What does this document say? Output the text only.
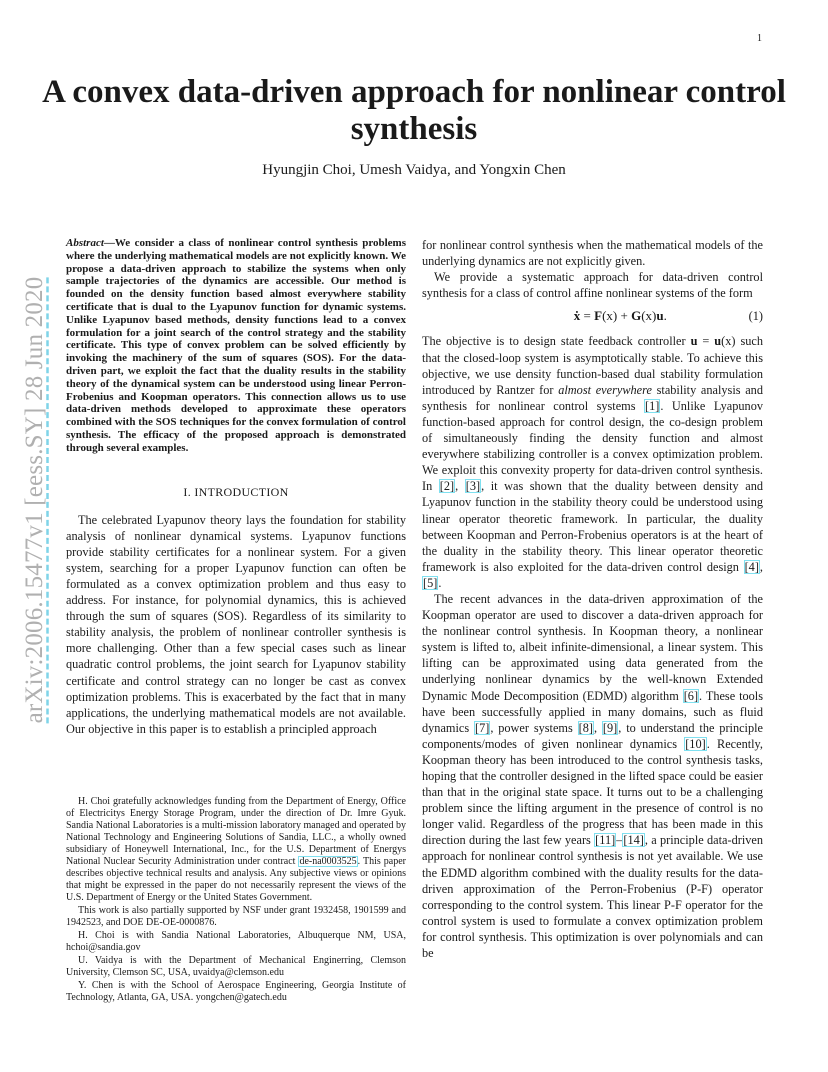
1
A convex data-driven approach for nonlinear control synthesis
Hyungjin Choi, Umesh Vaidya, and Yongxin Chen
arXiv:2006.15477v1 [eess.SY] 28 Jun 2020

Abstract—We consider a class of nonlinear control synthesis problems where the underlying mathematical models are not explicitly known. We propose a data-driven approach to stabilize the systems when only sample trajectories of the dynamics are accessible. Our method is founded on the density function based almost everywhere stability certificate that is dual to the Lyapunov function for dynamic systems. Unlike Lyapunov based methods, density functions lead to a convex formulation for a joint search of the control strategy and the stability certificate. This type of convex problem can be solved efficiently by invoking the machinery of the sum of squares (SOS). For the data-driven part, we exploit the fact that the duality results in the stability theory of the dynamical system can be understood using linear Perron-Frobenius and Koopman operators. This connection allows us to use data-driven methods developed to approximate these operators combined with the SOS techniques for the convex formulation of control synthesis. The efficacy of the proposed approach is demonstrated through several examples.

I. INTRODUCTION

The celebrated Lyapunov theory lays the foundation for stability analysis of nonlinear dynamical systems. Lyapunov functions provide stability certificates for a nonlinear system. For a given system, searching for a proper Lyapunov function can often be formulated as a convex optimization problem and thus easy to address. For instance, for polynomial dynamics, this is achieved through the sum of squares (SOS). Regardless of its similarity to stability analysis, the problem of nonlinear controller synthesis is more challenging. Other than a few special cases such as linear quadratic control problems, the joint search for Lyapunov stability certificate and control strategy can no longer be cast as convex optimization problems. This is exacerbated by the fact that in many applications, the underlying mathematical models are not available. Our objective in this paper is to establish a principled approach

H. Choi gratefully acknowledges funding from the Department of Energy, Office of Electricitys Energy Storage Program, under the direction of Dr. Imre Gyuk. Sandia National Laboratories is a multi-mission laboratory managed and operated by National Technology and Engineering Solutions of Sandia, LLC., a wholly owned subsidiary of Honeywell International, Inc., for the U.S. Department of Energys National Nuclear Security Administration under contract de-na0003525. This paper describes objective technical results and analysis. Any subjective views or opinions that might be expressed in the paper do not necessarily represent the views of the U.S. Department of Energy or the United States Government.

This work is also partially supported by NSF under grant 1932458, 1901599 and 1942523, and DOE DE-OE-0000876.

H. Choi is with Sandia National Laboratories, Albuquerque NM, USA, hchoi@sandia.gov

U. Vaidya is with the Department of Mechanical Enginerring, Clemson University, Clemson SC, USA, uvaidya@clemson.edu

Y. Chen is with the School of Aerospace Engineering, Georgia Institute of Technology, Atlanta, GA, USA. yongchen@gatech.edu

for nonlinear control synthesis when the mathematical models of the underlying dynamics are not explicitly given.

We provide a systematic approach for data-driven control synthesis for a class of control affine nonlinear systems of the form

ẋ = F(x) + G(x)u.	(1)

The objective is to design state feedback controller u = u(x) such that the closed-loop system is asymptotically stable. To achieve this objective, we use density function-based dual stability formulation introduced by Rantzer for almost everywhere stability analysis and synthesis for nonlinear control systems [1]. Unlike Lyapunov function-based approach for control design, the co-design problem of simultaneously finding the density function and almost everywhere stabilizing controller is a convex optimization problem. We exploit this convexity property for data-driven control synthesis. In [2], [3], it was shown that the duality between density and Lyapunov function in the stability theory could be understood using linear operator theoretic framework. In particular, the duality between Koopman and Perron-Frobenius operators is at the heart of the duality in the stability theory. This linear operator theoretic framework is also exploited for the data-driven control design [4], [5].

The recent advances in the data-driven approximation of the Koopman operator are used to discover a data-driven approach for the nonlinear control synthesis. In Koopman theory, a nonlinear system is lifted to, albeit infinite-dimensional, a linear system. This lifting can be approximated using data generated from the underlying nonlinear dynamics by the well-known Extended Dynamic Mode Decomposition (EDMD) algorithm [6]. These tools have been successfully applied in many domains, such as fluid dynamics [7], power systems [8], [9], to understand the principle components/modes of given nonlinear dynamics [10]. Recently, Koopman theory has been introduced to the control synthesis tasks, hoping that the controller designed in the lifted space could be easier than that in the original state space. It turns out to be a challenging problem since the lifting argument in the presence of control is no longer valid. Regardless of the progress that has been made in this direction during the last few years [11]–[14], a principle data-driven approach for nonlinear control synthesis is not yet available. We use the EDMD algorithm combined with the duality results for the data-driven approximation of the Perron-Frobenius (P-F) operator corresponding to the control system. This linear P-F operator for the control system is used to formulate a convex optimization problem for control synthesis. This optimization is over polynomials and can be
